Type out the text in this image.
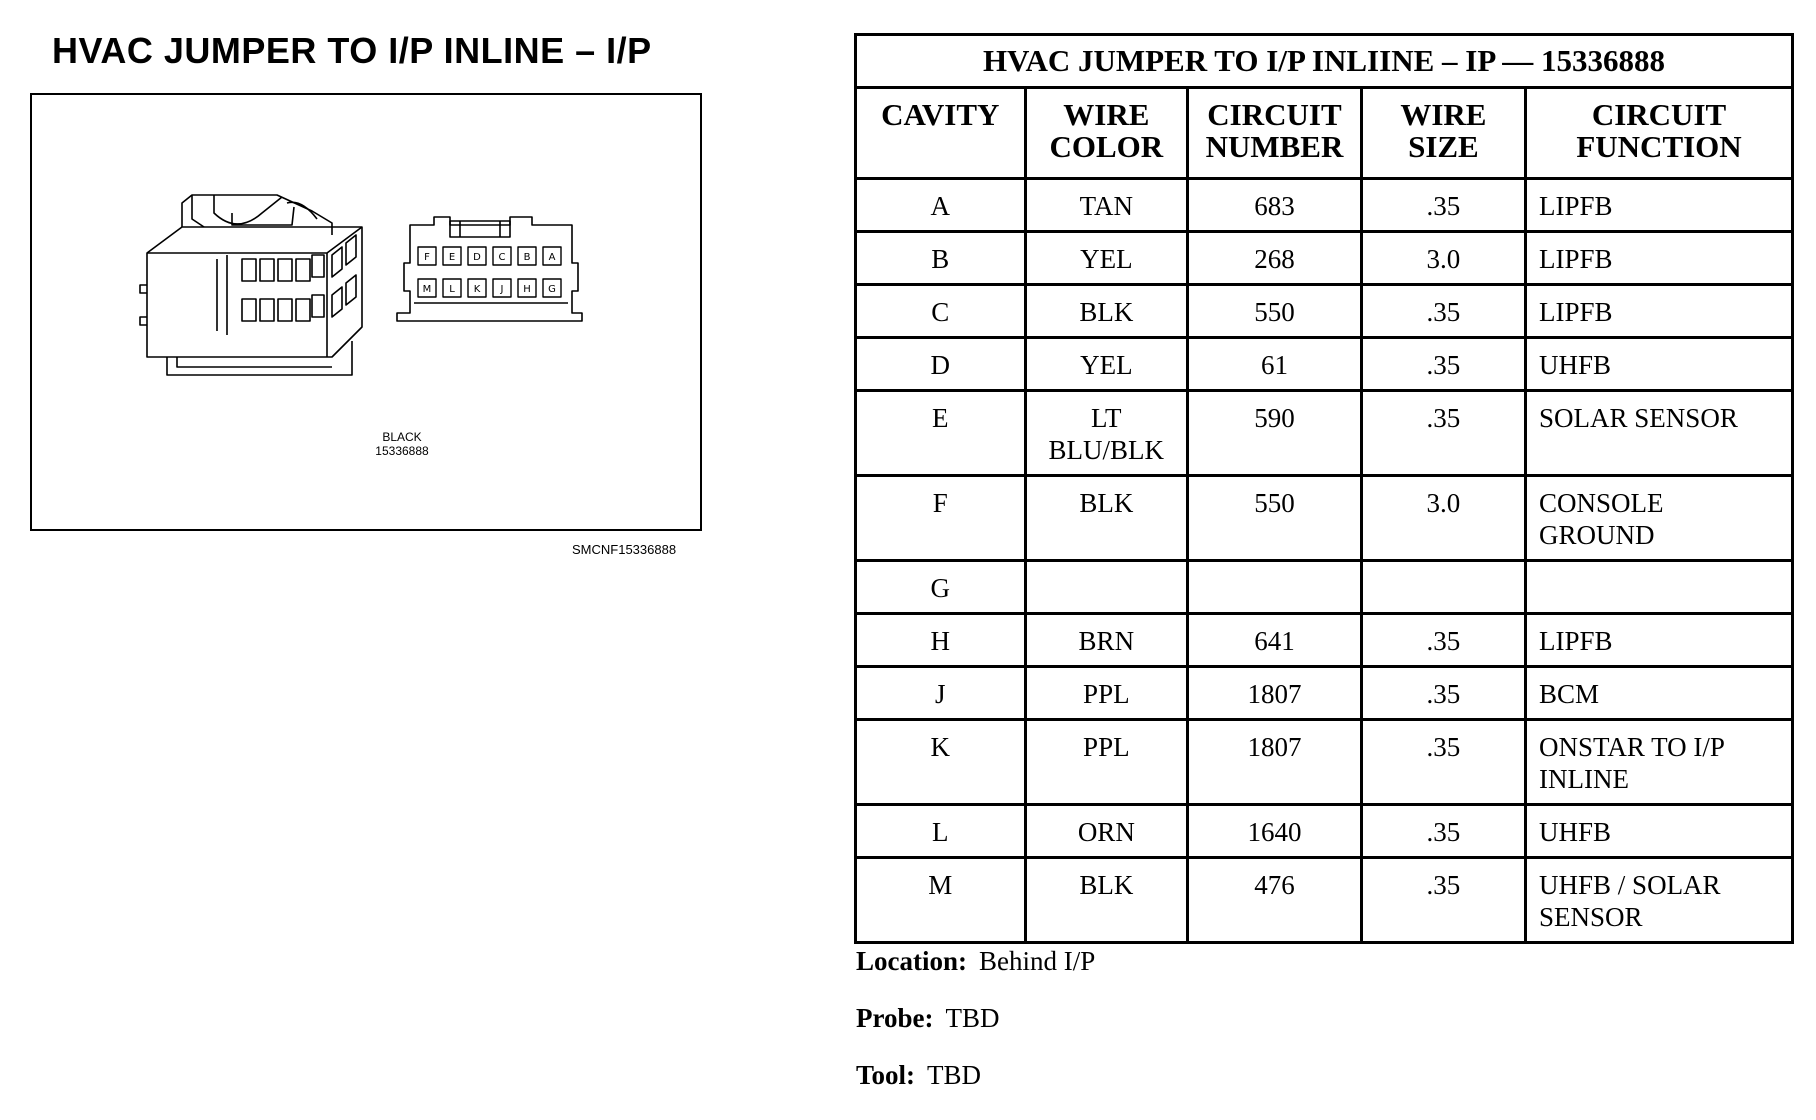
HVAC JUMPER TO I/P INLINE – I/P
F E D C B A
M L K J H G
BLACK
15336888
SMCNF15336888
HVAC JUMPER TO I/P INLIINE – IP — 15336888				
CAVITY	WIRE COLOR	CIRCUIT NUMBER	WIRE SIZE	CIRCUIT FUNCTION
A	TAN	683	.35	LIPFB
B	YEL	268	3.0	LIPFB
C	BLK	550	.35	LIPFB
D	YEL	61	.35	UHFB
E	LT BLU/BLK	590	.35	SOLAR SENSOR
F	BLK	550	3.0	CONSOLE GROUND
G				
H	BRN	641	.35	LIPFB
J	PPL	1807	.35	BCM
K	PPL	1807	.35	ONSTAR TO I/P INLINE
L	ORN	1640	.35	UHFB
M	BLK	476	.35	UHFB / SOLAR SENSOR
Location: Behind I/P
Probe: TBD
Tool: TBD
